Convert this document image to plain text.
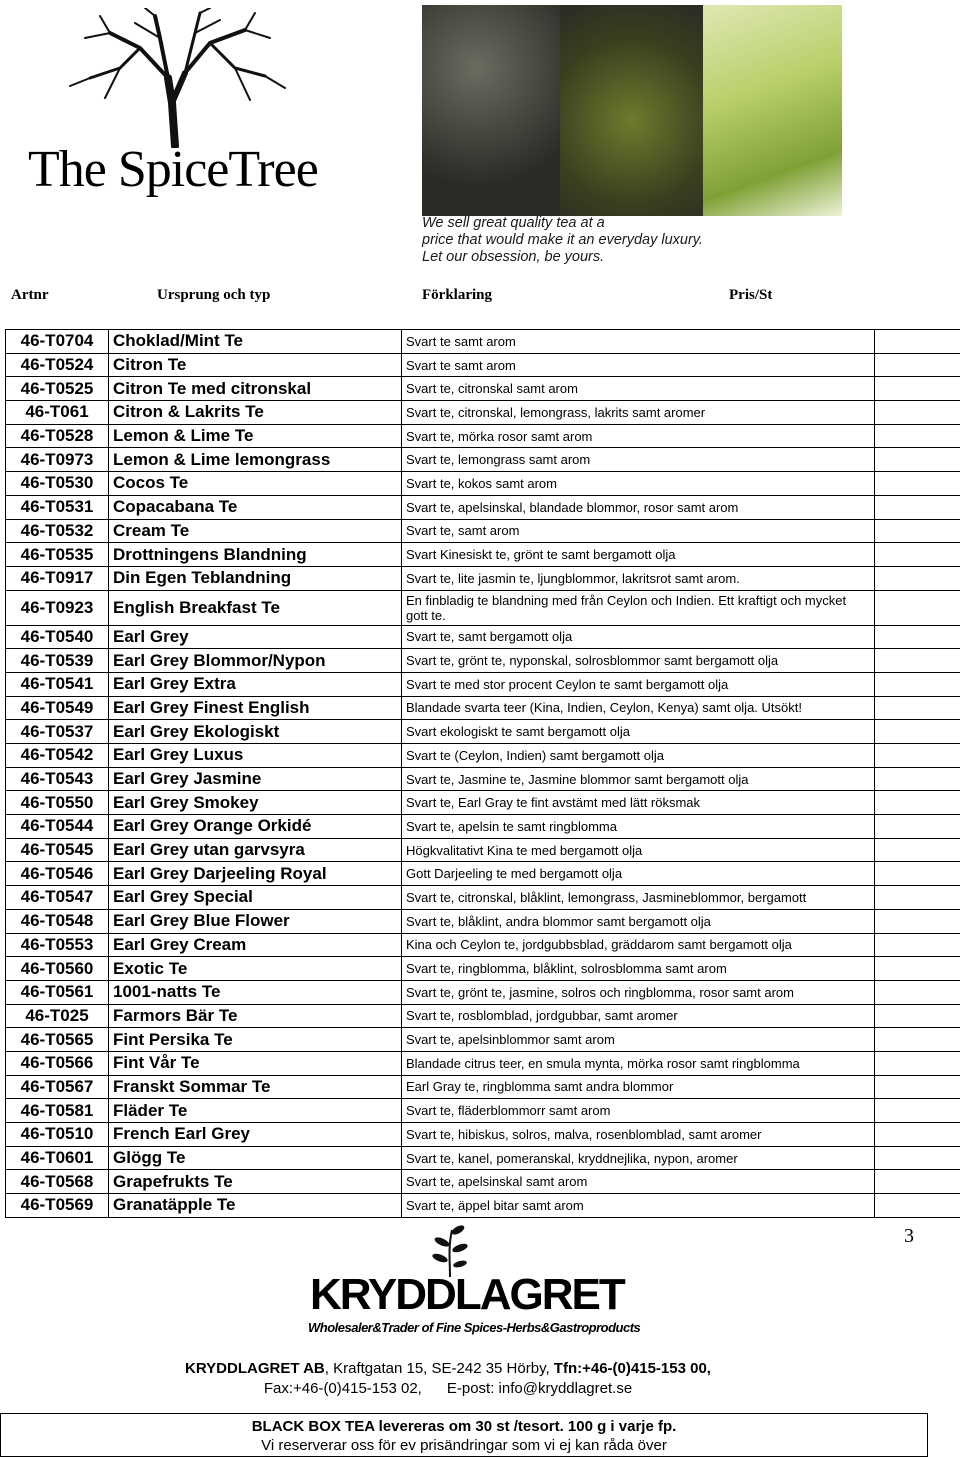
The SpiceTree
We sell great quality tea at a
price that would make it an everyday luxury.
Let our obsession, be yours.
Artnr	Ursprung och typ	Förklaring	Pris/St
46-T0704	Choklad/Mint Te	Svart te samt arom	
46-T0524	Citron Te	Svart te samt arom	
46-T0525	Citron Te med citronskal	Svart te, citronskal samt arom	
46-T061	Citron & Lakrits Te	Svart te, citronskal, lemongrass, lakrits samt aromer	
46-T0528	Lemon & Lime Te	Svart te, mörka rosor samt arom	
46-T0973	Lemon & Lime lemongrass	Svart te, lemongrass samt arom	
46-T0530	Cocos Te	Svart te, kokos samt arom	
46-T0531	Copacabana Te	Svart te, apelsinskal, blandade blommor, rosor samt arom	
46-T0532	Cream Te	Svart te, samt arom	
46-T0535	Drottningens Blandning	Svart Kinesiskt te, grönt te samt bergamott olja	
46-T0917	Din Egen Teblandning	Svart te, lite jasmin te, ljungblommor, lakritsrot samt arom.	
46-T0923	English Breakfast Te	En finbladig te blandning med från Ceylon och Indien. Ett kraftigt och mycket gott te.	
46-T0540	Earl Grey	Svart te, samt bergamott olja	
46-T0539	Earl Grey Blommor/Nypon	Svart te, grönt te, nyponskal, solrosblommor samt bergamott olja	
46-T0541	Earl Grey Extra	Svart te med stor procent Ceylon te samt bergamott olja	
46-T0549	Earl Grey Finest English	Blandade svarta teer (Kina, Indien, Ceylon, Kenya) samt olja. Utsökt!	
46-T0537	Earl Grey Ekologiskt	Svart ekologiskt te samt bergamott olja	
46-T0542	Earl Grey Luxus	Svart te (Ceylon, Indien) samt bergamott olja	
46-T0543	Earl Grey Jasmine	Svart te, Jasmine te, Jasmine blommor samt bergamott olja	
46-T0550	Earl Grey Smokey	Svart te, Earl Gray te fint avstämt med lätt röksmak	
46-T0544	Earl Grey Orange Orkidé	Svart te, apelsin te samt ringblomma	
46-T0545	Earl Grey utan garvsyra	Högkvalitativt Kina te med bergamott olja	
46-T0546	Earl Grey Darjeeling Royal	Gott Darjeeling te med bergamott olja	
46-T0547	Earl Grey Special	Svart te, citronskal, blåklint, lemongrass, Jasmineblommor, bergamott	
46-T0548	Earl Grey Blue Flower	Svart te, blåklint, andra blommor samt bergamott olja	
46-T0553	Earl Grey Cream	Kina och Ceylon te, jordgubbsblad, gräddarom samt bergamott olja	
46-T0560	Exotic Te	Svart te, ringblomma, blåklint, solrosblomma samt arom	
46-T0561	1001-natts Te	Svart te, grönt te, jasmine, solros och ringblomma, rosor samt arom	
46-T025	Farmors Bär Te	Svart te, rosblomblad, jordgubbar, samt aromer	
46-T0565	Fint Persika Te	Svart te, apelsinblommor samt arom	
46-T0566	Fint Vår Te	Blandade citrus teer, en smula mynta, mörka rosor samt ringblomma	
46-T0567	Franskt Sommar Te	Earl Gray te, ringblomma samt andra blommor	
46-T0581	Fläder Te	Svart te, fläderblommorr samt arom	
46-T0510	French Earl Grey	Svart te, hibiskus, solros, malva, rosenblomblad, samt aromer	
46-T0601	Glögg Te	Svart te, kanel, pomeranskal, kryddnejlika, nypon, aromer	
46-T0568	Grapefrukts Te	Svart te, apelsinskal samt arom	
46-T0569	Granatäpple Te	Svart te, äppel bitar samt arom	
3
KRYDDLAGRET
Wholesaler&Trader of Fine Spices-Herbs&Gastroproducts
KRYDDLAGRET AB, Kraftgatan 15, SE-242 35 Hörby, Tfn:+46-(0)415-153 00,
Fax:+46-(0)415-153 02,      E-post: info@kryddlagret.se
BLACK BOX TEA levereras om 30 st /tesort. 100 g i varje fp.
Vi reserverar oss för ev prisändringar som vi ej kan råda över
